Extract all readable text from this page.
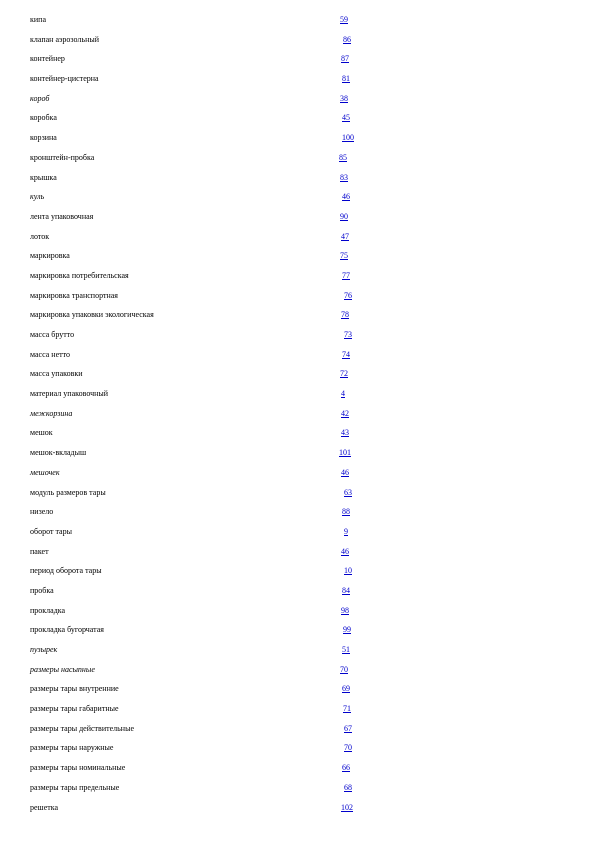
кипа	59
клапан аэрозольный	86
контейнер	87
контейнер-цистерна	81
короб	38
коробка	45
корзина	100
кронштейн-пробка	85
крышка	83
куль	46
лента упаковочная	90
лоток	47
маркировка	75
маркировка потребительская	77
маркировка транспортная	76
маркировка упаковки экологическая	78
масса брутто	73
масса нетто	74
масса упаковки	72
материал упаковочный	4
межкорзина	42
мешок	43
мешок-вкладыш	101
мешочек	46
модуль размеров тары	63
низело	88
оборот тары	9
пакет	46
период оборота тары	10
пробка	84
прокладка	98
прокладка бугорчатая	99
пузырек	51
размеры насыпные	70
размеры тары внутренние	69
размеры тары габаритные	71
размеры тары действительные	67
размеры тары наружные	70
размеры тары номинальные	66
размеры тары предельные	68
решетка	102
